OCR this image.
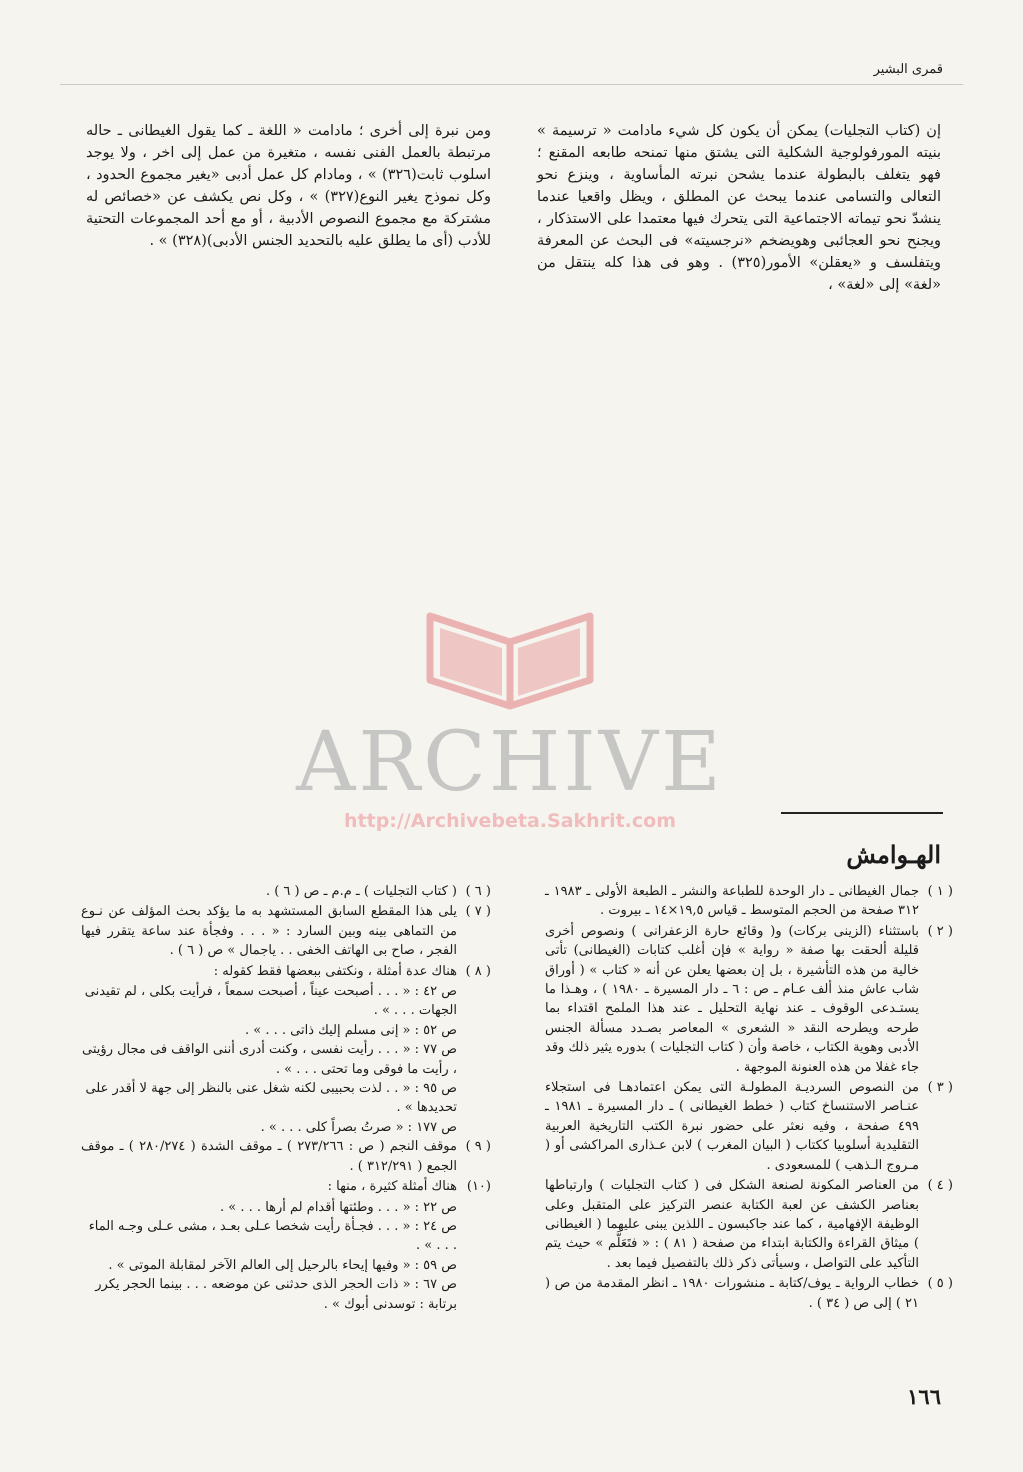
قمرى البشير

إن (كتاب التجليات) يمكن أن يكون كل شيء مادامت « ترسيمة » بنيته المورفولوجية الشكلية التى يشتق منها تمنحه طابعه المقنع ؛ فهو يتغلف بالبطولة عندما يشحن نبرته المأساوية ، وينزع نحو التعالى والتسامى عندما يبحث عن المطلق ، ويظل واقعيا عندما ينشدّ نحو تيماته الاجتماعية التى يتحرك فيها معتمدا على الاستذكار ، ويجنح نحو العجائبى وهويضخم «نرجسيته» فى البحث عن المعرفة ويتفلسف و «يعقلن» الأمور(٣٢٥) . وهو فى هذا كله ينتقل من «لغة» إلى «لغة» ،

ومن نبرة إلى أخرى ؛ مادامت « اللغة ـ كما يقول الغيطانى ـ حاله مرتبطة بالعمل الفنى نفسه ، متغيرة من عمل إلى اخر ، ولا يوجد اسلوب ثابت(٣٢٦) » ، ومادام كل عمل أدبى «يغير مجموع الحدود ، وكل نموذج يغير النوع(٣٢٧) » ، وكل نص يكشف عن «خصائص له مشتركة مع مجموع النصوص الأدبية ، أو مع أحد المجموعات التحتية للأدب (أى ما يطلق عليه بالتحديد الجنس الأدبى)(٣٢٨) » .

ARCHIVE
http://Archivebeta.Sakhrit.com
الهـوامش
( ١ )
جمال الغيطانى ـ دار الوحدة للطباعة والنشر ـ الطبعة الأولى ـ ١٩٨٣ ـ ٣١٢ صفحة من الحجم المتوسط ـ قياس ١٩,٥×١٤ ـ بيروت .
( ٢ )
باستثناء (الزينى بركات) و( وقائع حارة الزعفرانى ) ونصوص أخرى قليلة ألحقت بها صفة « رواية » فإن أغلب كتابات (الغيطانى) تأتى خالية من هذه التأشيرة ، بل إن بعضها يعلن عن أنه « كتاب » ( أوراق شاب عاش منذ ألف عـام ـ ص : ٦ ـ دار المسيرة ـ ١٩٨٠ ) ، وهـذا ما يستـدعى الوقوف ـ عند نهاية التحليل ـ عند هذا الملمح اقتداء بما طرحه ويطرحه النقد « الشعرى » المعاصر بصـدد مسألة الجنس الأدبى وهوية الكتاب ، خاصة وأن ( كتاب التجليات ) بدوره يثير ذلك وقد جاء غفلا من هذه العنونة الموجهة .
( ٣ )
من النصوص السرديـة المطولـة التى يمكن اعتمادهـا فى استجلاء عنـاصر الاستنساخ كتاب ( خطط الغيطانى ) ـ دار المسيرة ـ ١٩٨١ ـ ٤٩٩ صفحة ، وفيه نعثر على حضور نبرة الكتب التاريخية العربية التقليدية أسلوبيا ككتاب ( البيان المغرب ) لابن عـذارى المراكشى أو ( مـروج الـذهب ) للمسعودى .
( ٤ )
من العناصر المكونة لصنعة الشكل فى ( كتاب التجليات ) وارتباطها بعناصر الكشف عن لعبة الكتابة عنصر التركيز على المتقبل وعلى الوظيفة الإفهامية ، كما عند جاكبسون ـ اللذين يبنى عليهما ( الغيطانى ) ميثاق القراءة والكتابة ابتداء من صفحة ( ٨١ ) : « فتَعَلَّم » حيث يتم التأكيد على التواصل ، وسيأتى ذكر ذلك بالتفصيل فيما بعد .
( ٥ )
خطاب الرواية ـ يوف/كتابة ـ منشورات ١٩٨٠ ـ انظر المقدمة من ص ( ٢١ ) إلى ص ( ٣٤ ) .
( ٦ )
( كتاب التجليات ) ـ م.م ـ ص ( ٦ ) .
( ٧ )
يلى هذا المقطع السابق المستشهد به ما يؤكد بحث المؤلف عن نـوع من التماهى بينه وبين السارد : « . . . وفجأة عند ساعة يتقرر فيها الفجر ، صاح بى الهاتف الخفى . . ياجمال » ص ( ٦ ) .
( ٨ )
هناك عدة أمثلة ، ونكتفى ببعضها فقط كقوله :
ص ٤٢ : « . . . أصبحت عيناً ، أصبحت سمعاً ، فرأيت بكلى ، لم تقيدنى الجهات . . . » .
ص ٥٢ : « إنى مسلم إليك ذاتى . . . » .
ص ٧٧ : « . . . رأيت نفسى ، وكنت أدرى أننى الواقف فى مجال رؤيتى ، رأيت ما فوقى وما تحتى . . . » .
ص ٩٥ : « . . لذت بحبيبى لكنه شغل عنى بالنظر إلى جهة لا أقدر على تحديدها » .
ص ١٧٧ : « صرتُ بصراً كلى . . . » .
( ٩ )
موقف النجم ( ص : ٢٧٣/٢٦٦ ) ـ موقف الشدة ( ٢٨٠/٢٧٤ ) ـ موقف الجمع ( ٣١٢/٢٩١ ) .
(١٠)
هناك أمثلة كثيرة ، منها :
ص ٢٢ : « . . . وطئتها أقدام لم أرها . . . » .
ص ٢٤ : « . . . فجـأة رأيت شخصا عـلى بعـد ، مشى عـلى وجـه الماء . . . » .
ص ٥٩ : « وفيها إيحاء بالرحيل إلى العالم الآخر لمقابلة الموتى » .
ص ٦٧ : « ذات الحجر الذى حدثنى عن موضعه . . . بينما الحجر يكرر برتابة : توسدنى أبوك » .
١٦٦
